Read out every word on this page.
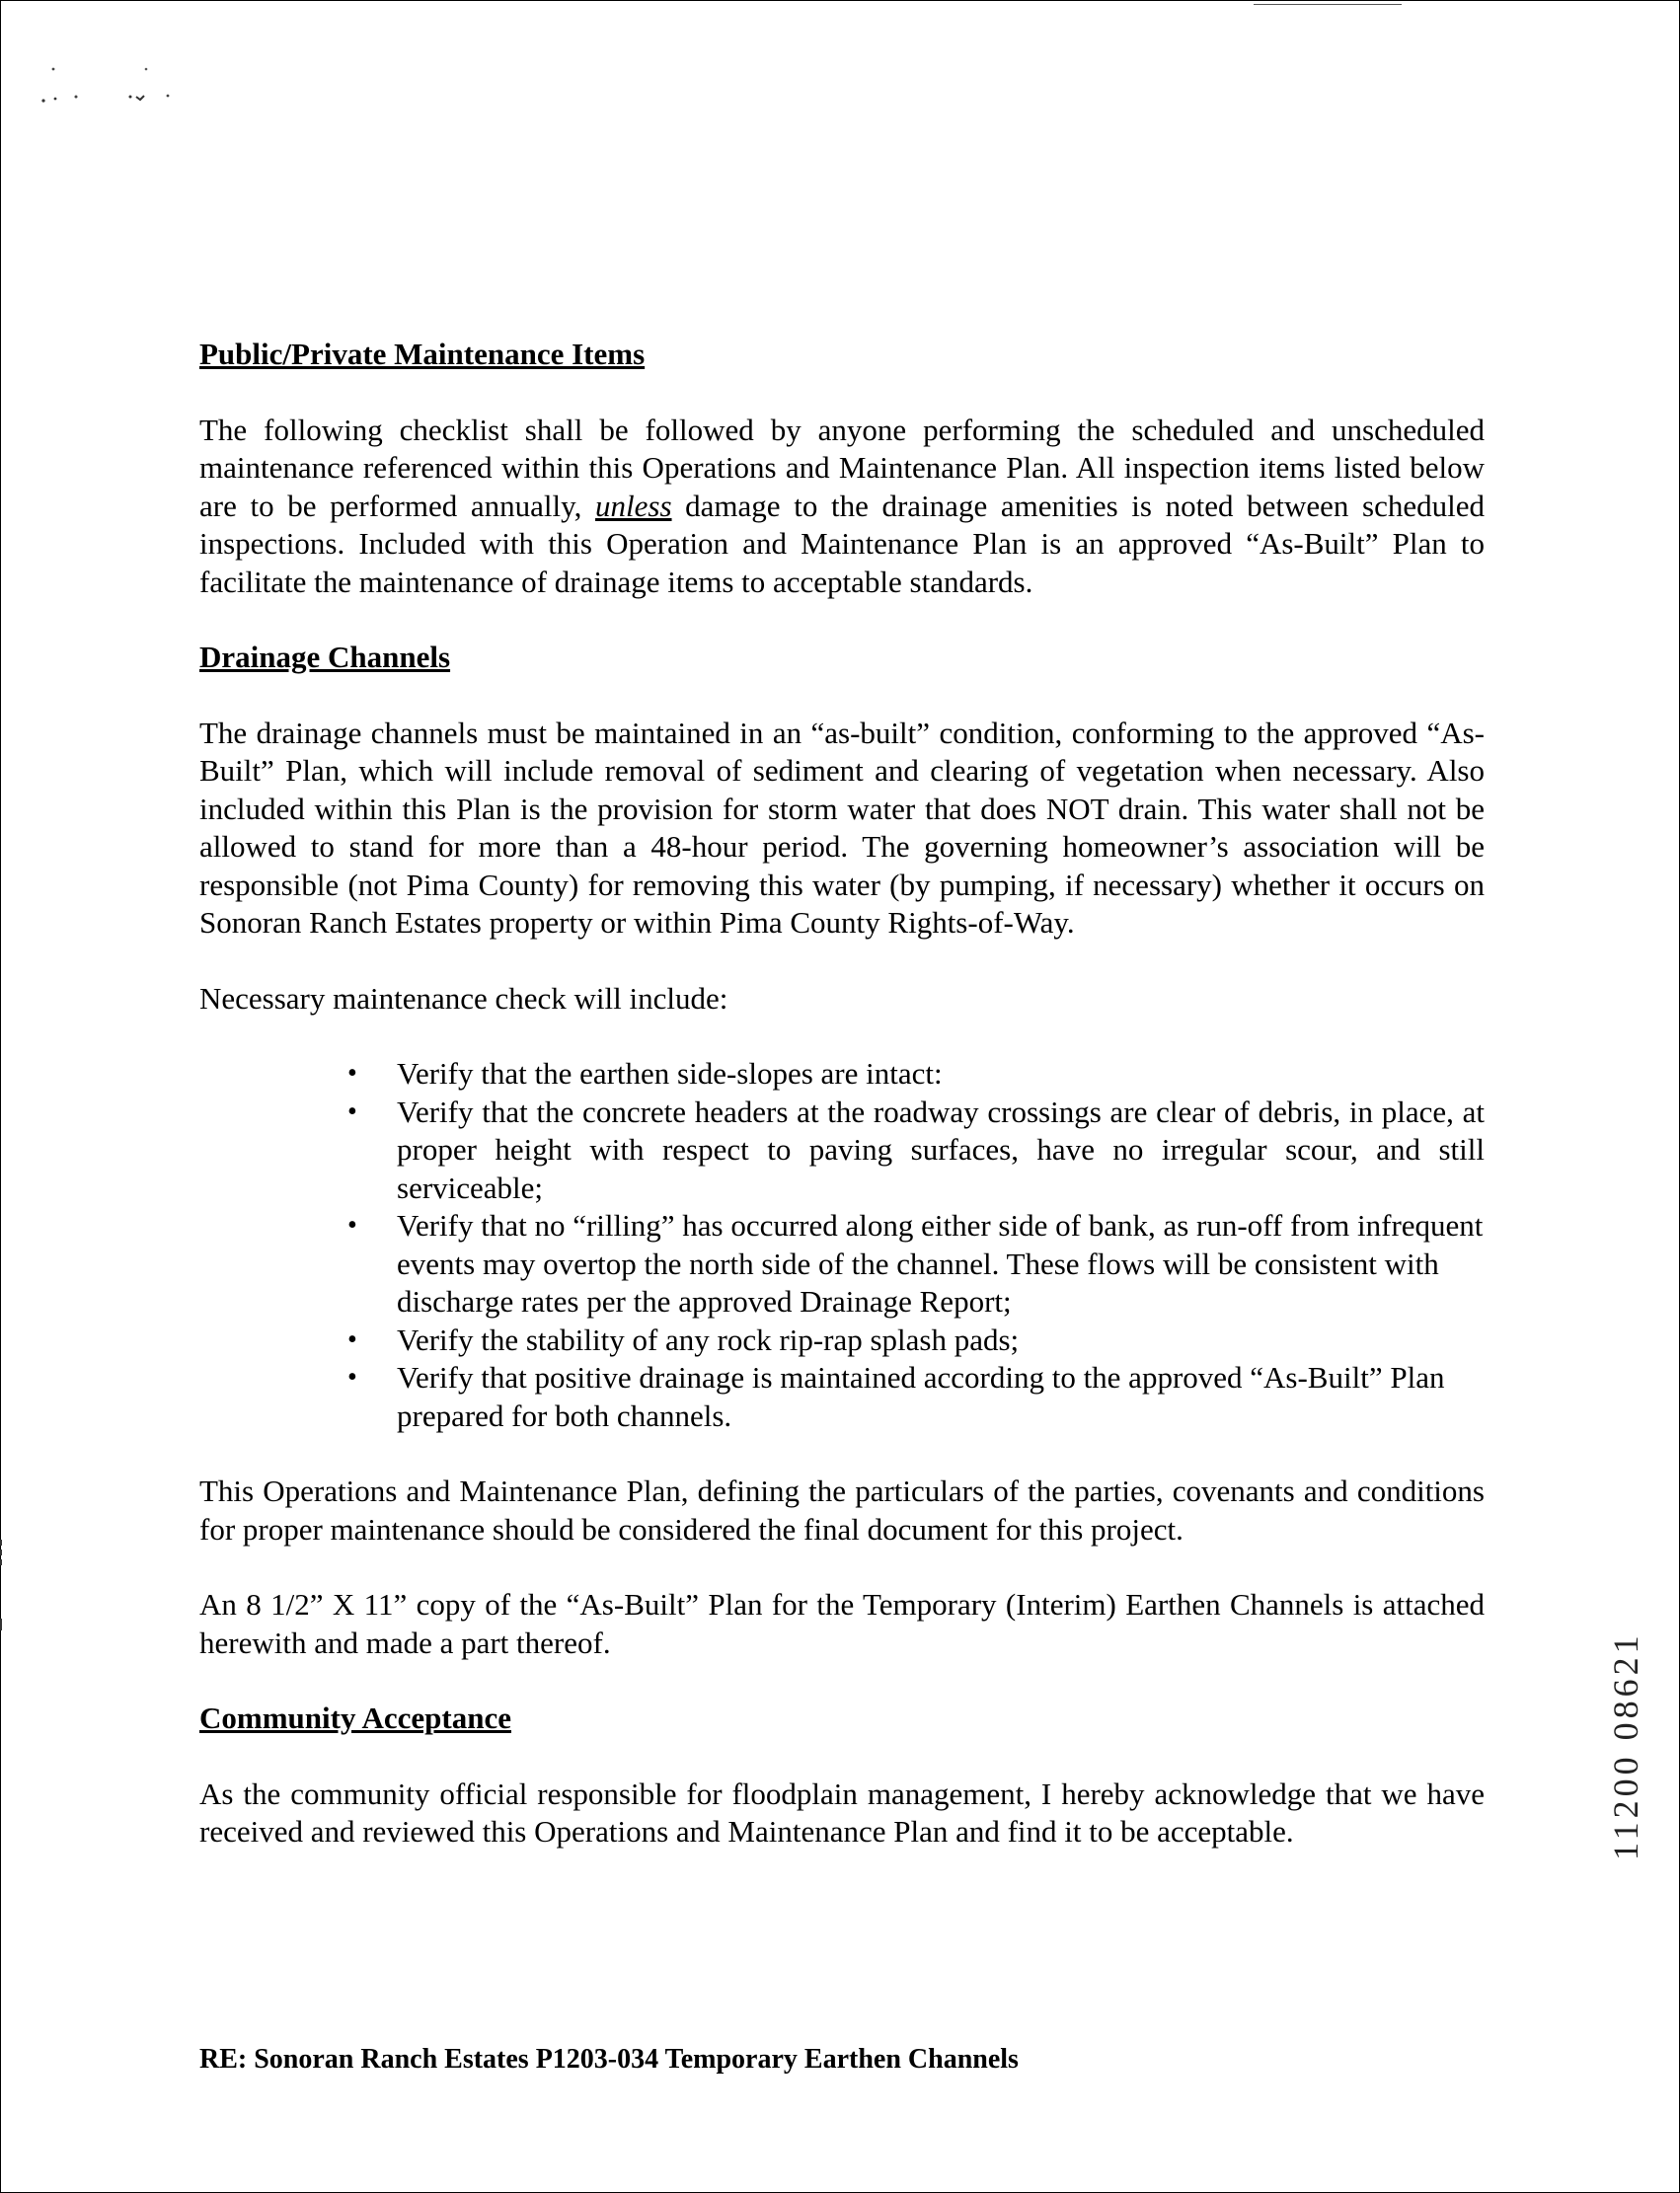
Public/Private Maintenance Items

The following checklist shall be followed by anyone performing the scheduled and unscheduled maintenance referenced within this Operations and Maintenance Plan. All inspection items listed below are to be performed annually, unless damage to the drainage amenities is noted between scheduled inspections. Included with this Operation and Maintenance Plan is an approved “As-Built” Plan to facilitate the maintenance of drainage items to acceptable standards.

Drainage Channels

The drainage channels must be maintained in an “as-built” condition, conforming to the approved “As-Built” Plan, which will include removal of sediment and clearing of vegetation when necessary. Also included within this Plan is the provision for storm water that does NOT drain. This water shall not be allowed to stand for more than a 48-hour period. The governing homeowner’s association will be responsible (not Pima County) for removing this water (by pumping, if necessary) whether it occurs on Sonoran Ranch Estates property or within Pima County Rights-of-Way.

Necessary maintenance check will include:

• Verify that the earthen side-slopes are intact:
• Verify that the concrete headers at the roadway crossings are clear of debris, in place, at proper height with respect to paving surfaces, have no irregular scour, and still serviceable;
• Verify that no “rilling” has occurred along either side of bank, as run-off from infrequent events may overtop the north side of the channel. These flows will be consistent with discharge rates per the approved Drainage Report;
• Verify the stability of any rock rip-rap splash pads;
• Verify that positive drainage is maintained according to the approved “As-Built” Plan prepared for both channels.

This Operations and Maintenance Plan, defining the particulars of the parties, covenants and conditions for proper maintenance should be considered the final document for this project.

An 8 1/2” X 11” copy of the “As-Built” Plan for the Temporary (Interim) Earthen Channels is attached herewith and made a part thereof.

Community Acceptance

As the community official responsible for floodplain management, I hereby acknowledge that we have received and reviewed this Operations and Maintenance Plan and find it to be acceptable.

RE: Sonoran Ranch Estates P1203-034 Temporary Earthen Channels
11200 08621
